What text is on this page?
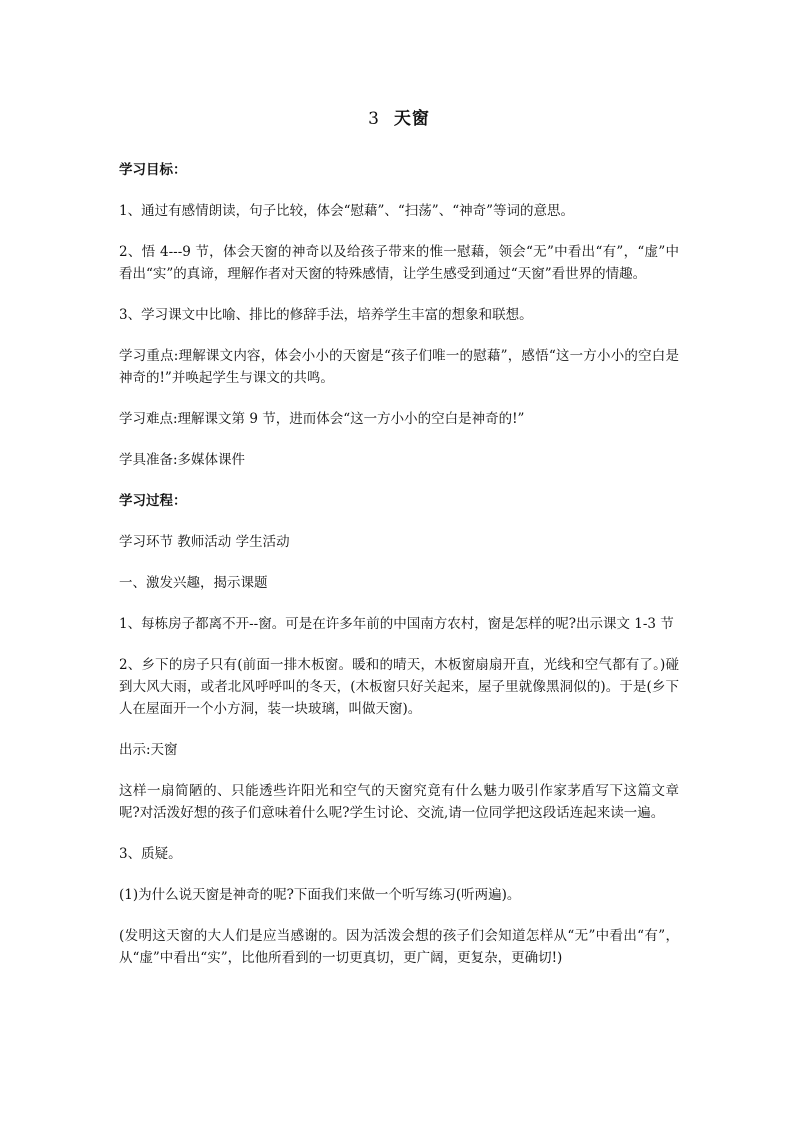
3 天窗

学习目标：

1、通过有感情朗读，句子比较，体会“慰藉”、“扫荡”、“神奇”等词的意思。

2、悟 4---9 节，体会天窗的神奇以及给孩子带来的惟一慰藉，领会“无”中看出“有”，“虚”中看出“实”的真谛，理解作者对天窗的特殊感情，让学生感受到通过“天窗”看世界的情趣。

3、学习课文中比喻、排比的修辞手法，培养学生丰富的想象和联想。

学习重点:理解课文内容，体会小小的天窗是“孩子们唯一的慰藉”，感悟“这一方小小的空白是神奇的!”并唤起学生与课文的共鸣。

学习难点:理解课文第 9 节，进而体会“这一方小小的空白是神奇的!”

学具准备:多媒体课件

学习过程：

学习环节 教师活动 学生活动

一、激发兴趣，揭示课题

1、每栋房子都离不开--窗。可是在许多年前的中国南方农村，窗是怎样的呢?出示课文 1-3 节

2、乡下的房子只有(前面一排木板窗。暖和的晴天，木板窗扇扇开直，光线和空气都有了。)碰到大风大雨，或者北风呼呼叫的冬天，(木板窗只好关起来，屋子里就像黑洞似的)。于是(乡下人在屋面开一个小方洞，装一块玻璃，叫做天窗)。

出示:天窗

这样一扇简陋的、只能透些许阳光和空气的天窗究竟有什么魅力吸引作家茅盾写下这篇文章呢?对活泼好想的孩子们意味着什么呢?学生讨论、交流,请一位同学把这段话连起来读一遍。

3、质疑。

(1)为什么说天窗是神奇的呢?下面我们来做一个听写练习(听两遍)。

(发明这天窗的大人们是应当感谢的。因为活泼会想的孩子们会知道怎样从“无”中看出“有”，从“虚”中看出“实”，比他所看到的一切更真切，更广阔，更复杂，更确切!)
